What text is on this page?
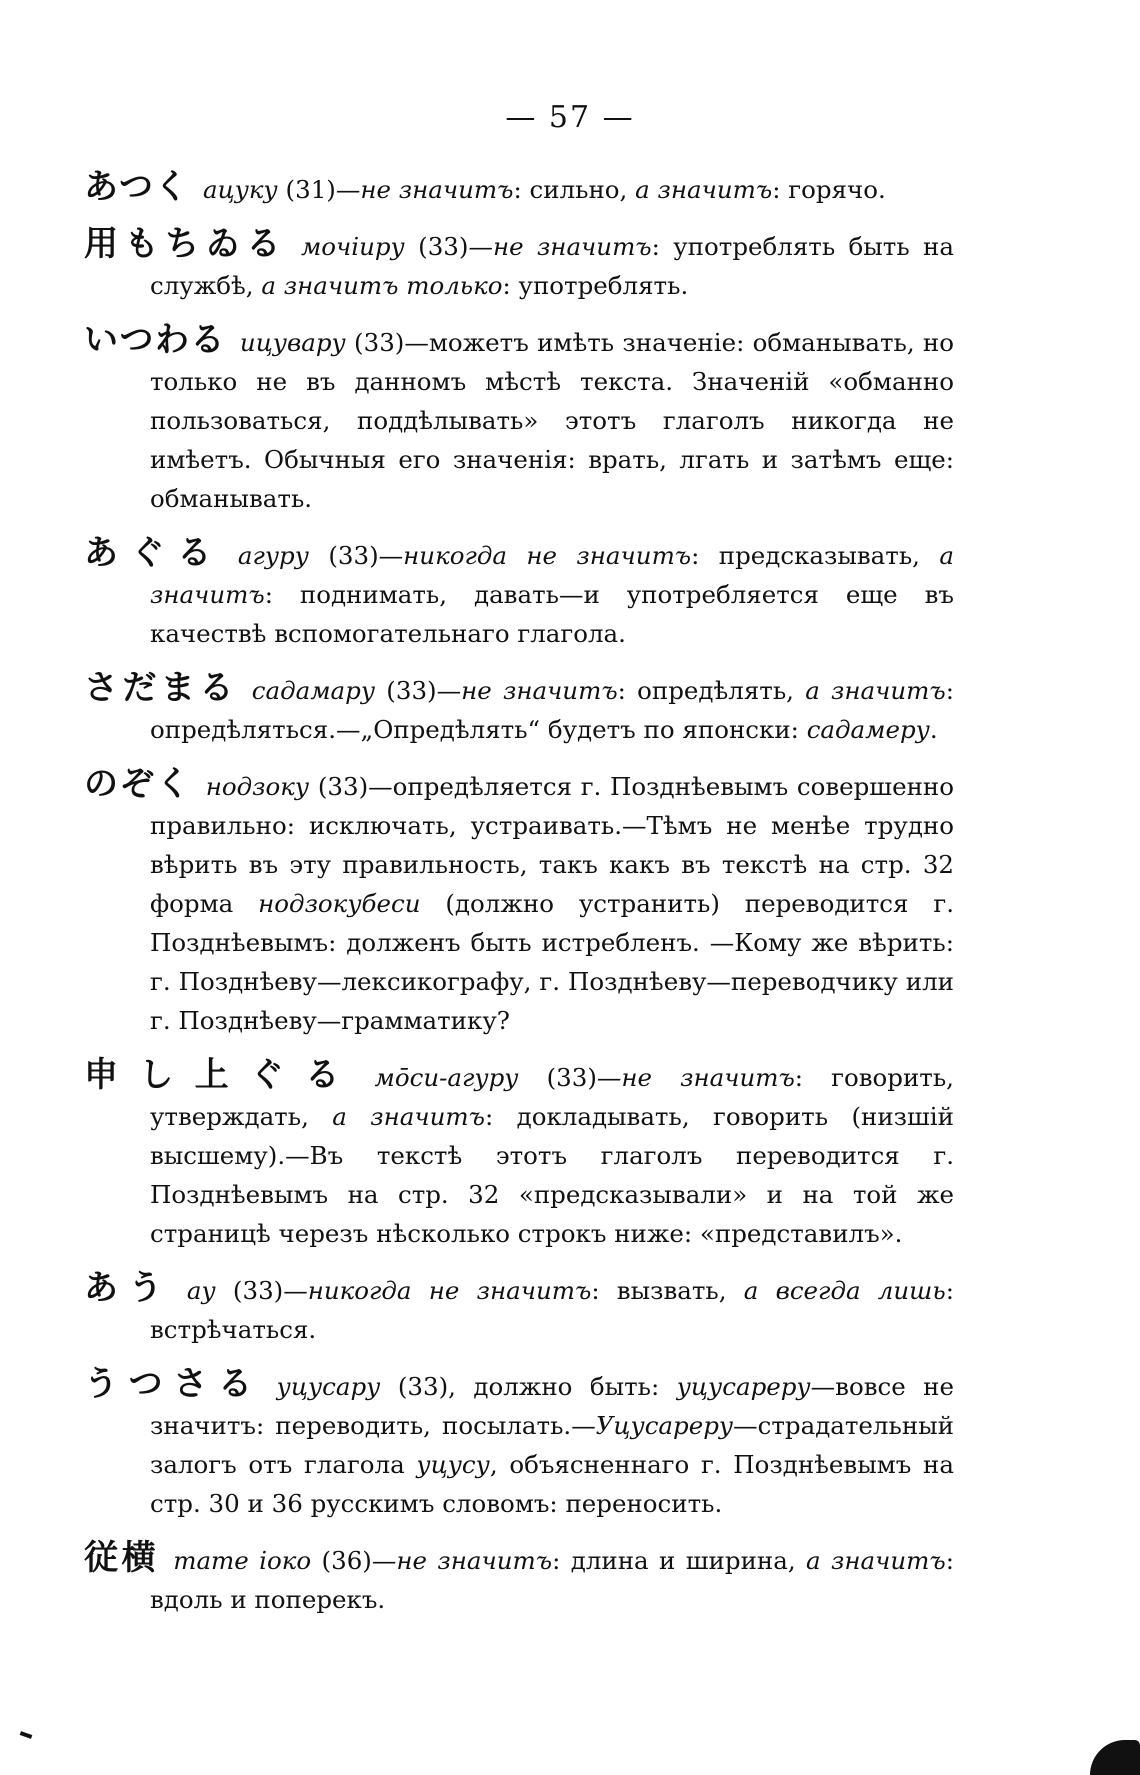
— 57 —

あつく ацуку (31)—не значитъ: сильно, а значитъ: горячо.

用もちゐる мочіиру (33)—не значитъ: употреблять быть на службѣ, а значитъ только: употреблять.

いつわる ицувару (33)—можетъ имѣть значеніе: обманывать, но только не въ данномъ мѣстѣ текста. Значеній «обманно пользоваться, поддѣлывать» этотъ глаголъ никогда не имѣетъ. Обычныя его значенія: врать, лгать и затѣмъ еще: обманывать.

あぐる агуру (33)—никогда не значитъ: предсказывать, а значитъ: поднимать, давать—и употребляется еще въ качествѣ вспомогательнаго глагола.

さだまる садамару (33)—не значитъ: опредѣлять, а значитъ: опредѣляться.—„Опредѣлять“ будетъ по японски: садамеру.

のぞく нодзоку (33)—опредѣляется г. Позднѣевымъ совершенно правильно: исключать, устраивать.—Тѣмъ не менѣе трудно вѣрить въ эту правильность, такъ какъ въ текстѣ на стр. 32 форма нодзокубеси (должно устранить) переводится г. Позднѣевымъ: долженъ быть истребленъ. —Кому же вѣрить: г. Позднѣеву—лексикографу, г. Позднѣеву—переводчику или г. Позднѣеву—грамматику?

申し上ぐる мōси-агуру (33)—не значитъ: говорить, утверждать, а значитъ: докладывать, говорить (низшій высшему).—Въ текстѣ этотъ глаголъ переводится г. Позднѣевымъ на стр. 32 «предсказывали» и на той же страницѣ черезъ нѣсколько строкъ ниже: «представилъ».

あう ау (33)—никогда не значитъ: вызвать, а всегда лишь: встрѣчаться.

うつさる уцусару (33), должно быть: уцусареру—вовсе не значитъ: переводить, посылать.—Уцусареру—страдательный залогъ отъ глагола уцусу, объясненнаго г. Позднѣевымъ на стр. 30 и 36 русскимъ словомъ: переносить.

従横 тате іоко (36)—не значитъ: длина и ширина, а значитъ: вдоль и поперекъ.
